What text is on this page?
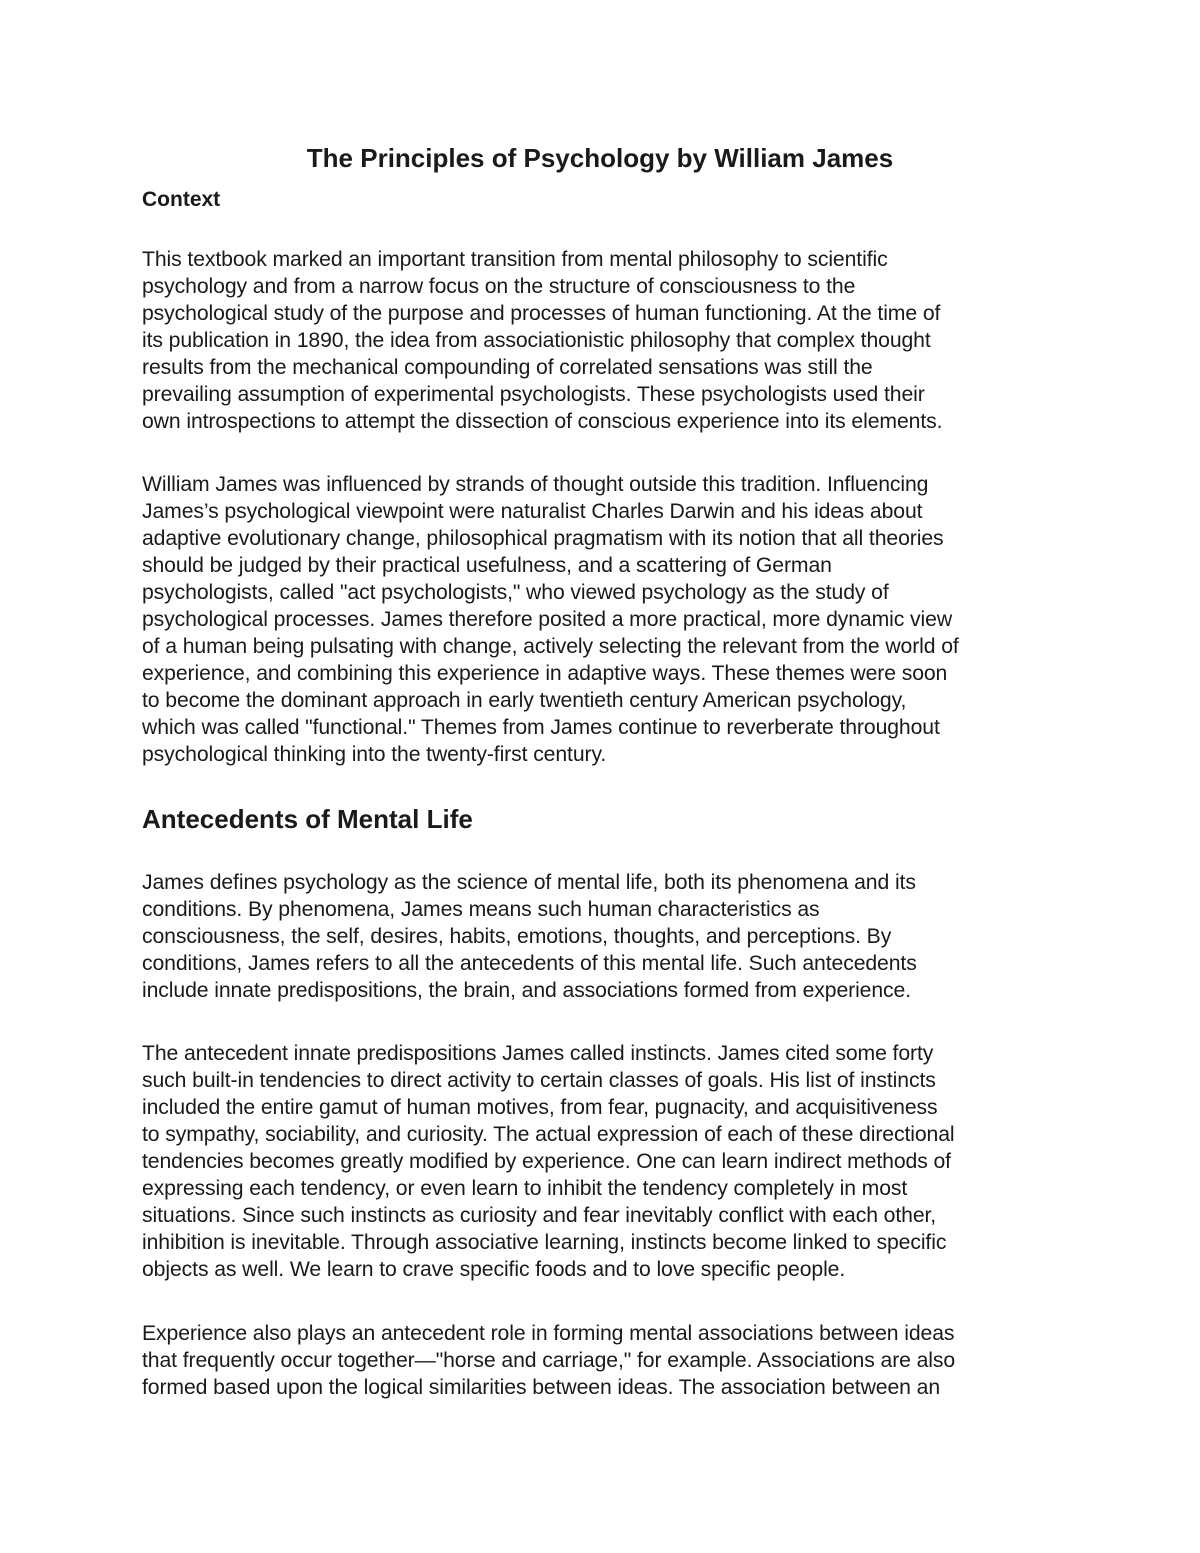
The Principles of Psychology by William James
Context

This textbook marked an important transition from mental philosophy to scientific
psychology and from a narrow focus on the structure of consciousness to the
psychological study of the purpose and processes of human functioning. At the time of
its publication in 1890, the idea from associationistic philosophy that complex thought
results from the mechanical compounding of correlated sensations was still the
prevailing assumption of experimental psychologists. These psychologists used their
own introspections to attempt the dissection of conscious experience into its elements.

William James was influenced by strands of thought outside this tradition. Influencing
James’s psychological viewpoint were naturalist Charles Darwin and his ideas about
adaptive evolutionary change, philosophical pragmatism with its notion that all theories
should be judged by their practical usefulness, and a scattering of German
psychologists, called "act psychologists," who viewed psychology as the study of
psychological processes. James therefore posited a more practical, more dynamic view
of a human being pulsating with change, actively selecting the relevant from the world of
experience, and combining this experience in adaptive ways. These themes were soon
to become the dominant approach in early twentieth century American psychology,
which was called "functional." Themes from James continue to reverberate throughout
psychological thinking into the twenty-first century.

Antecedents of Mental Life

James defines psychology as the science of mental life, both its phenomena and its
conditions. By phenomena, James means such human characteristics as
consciousness, the self, desires, habits, emotions, thoughts, and perceptions. By
conditions, James refers to all the antecedents of this mental life. Such antecedents
include innate predispositions, the brain, and associations formed from experience.

The antecedent innate predispositions James called instincts. James cited some forty
such built-in tendencies to direct activity to certain classes of goals. His list of instincts
included the entire gamut of human motives, from fear, pugnacity, and acquisitiveness
to sympathy, sociability, and curiosity. The actual expression of each of these directional
tendencies becomes greatly modified by experience. One can learn indirect methods of
expressing each tendency, or even learn to inhibit the tendency completely in most
situations. Since such instincts as curiosity and fear inevitably conflict with each other,
inhibition is inevitable. Through associative learning, instincts become linked to specific
objects as well. We learn to crave specific foods and to love specific people.

Experience also plays an antecedent role in forming mental associations between ideas
that frequently occur together—"horse and carriage," for example. Associations are also
formed based upon the logical similarities between ideas. The association between an
